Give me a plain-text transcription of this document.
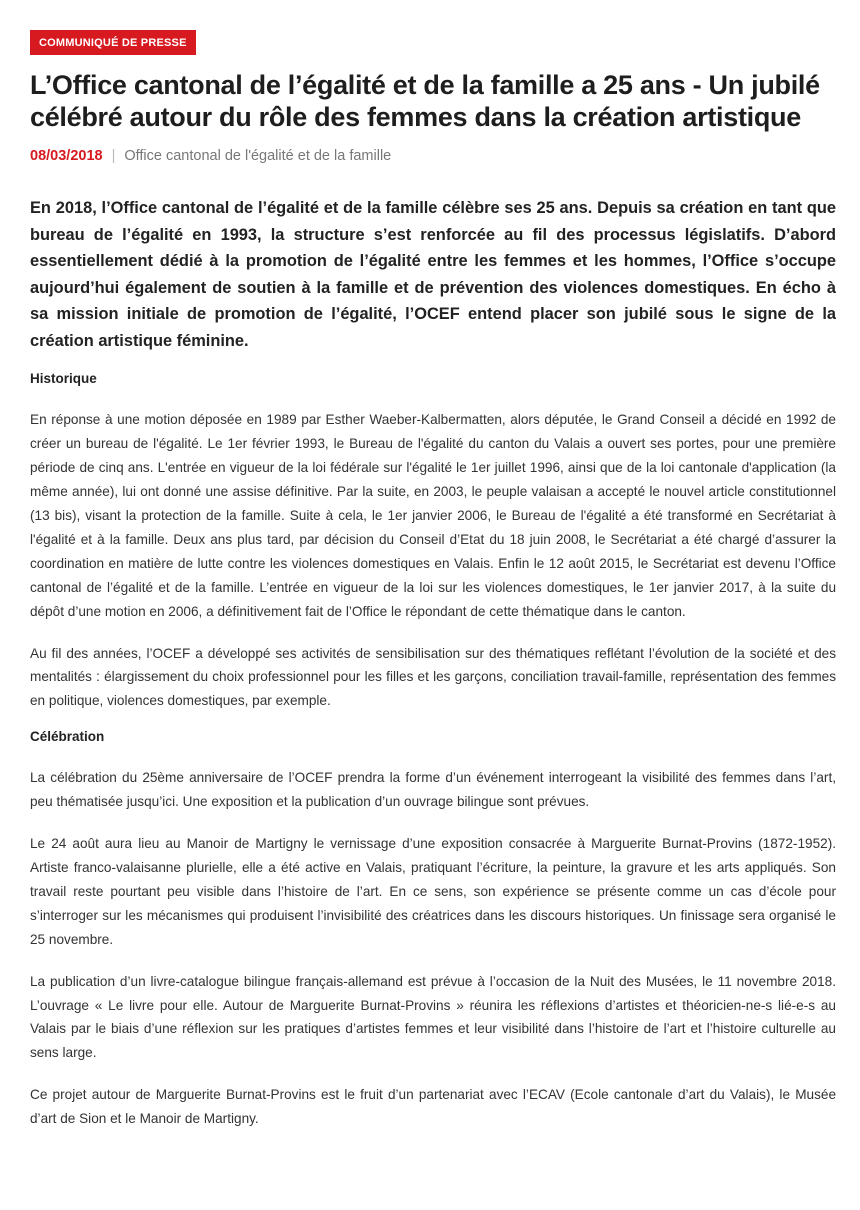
COMMUNIQUÉ DE PRESSE
L’Office cantonal de l’égalité et de la famille a 25 ans - Un jubilé célébré autour du rôle des femmes dans la création artistique
08/03/2018 | Office cantonal de l'égalité et de la famille

En 2018, l’Office cantonal de l’égalité et de la famille célèbre ses 25 ans. Depuis sa création en tant que bureau de l’égalité en 1993, la structure s’est renforcée au fil des processus législatifs. D’abord essentiellement dédié à la promotion de l’égalité entre les femmes et les hommes, l’Office s’occupe aujourd’hui également de soutien à la famille et de prévention des violences domestiques. En écho à sa mission initiale de promotion de l’égalité, l’OCEF entend placer son jubilé sous le signe de la création artistique féminine.

Historique

En réponse à une motion déposée en 1989 par Esther Waeber-Kalbermatten, alors députée, le Grand Conseil a décidé en 1992 de créer un bureau de l'égalité. Le 1er février 1993, le Bureau de l'égalité du canton du Valais a ouvert ses portes, pour une première période de cinq ans. L'entrée en vigueur de la loi fédérale sur l'égalité le 1er juillet 1996, ainsi que de la loi cantonale d'application (la même année), lui ont donné une assise définitive. Par la suite, en 2003, le peuple valaisan a accepté le nouvel article constitutionnel (13 bis), visant la protection de la famille. Suite à cela, le 1er janvier 2006, le Bureau de l'égalité a été transformé en Secrétariat à l'égalité et à la famille. Deux ans plus tard, par décision du Conseil d’Etat du 18 juin 2008, le Secrétariat a été chargé d’assurer la coordination en matière de lutte contre les violences domestiques en Valais. Enfin le 12 août 2015, le Secrétariat est devenu l’Office cantonal de l’égalité et de la famille. L’entrée en vigueur de la loi sur les violences domestiques, le 1er janvier 2017, à la suite du dépôt d’une motion en 2006, a définitivement fait de l’Office le répondant de cette thématique dans le canton.

Au fil des années, l’OCEF a développé ses activités de sensibilisation sur des thématiques reflétant l’évolution de la société et des mentalités : élargissement du choix professionnel pour les filles et les garçons, conciliation travail-famille, représentation des femmes en politique, violences domestiques, par exemple.

Célébration

La célébration du 25ème anniversaire de l’OCEF prendra la forme d’un événement interrogeant la visibilité des femmes dans l’art, peu thématisée jusqu’ici. Une exposition et la publication d’un ouvrage bilingue sont prévues.

Le 24 août aura lieu au Manoir de Martigny le vernissage d’une exposition consacrée à Marguerite Burnat-Provins (1872-1952). Artiste franco-valaisanne plurielle, elle a été active en Valais, pratiquant l’écriture, la peinture, la gravure et les arts appliqués. Son travail reste pourtant peu visible dans l’histoire de l’art. En ce sens, son expérience se présente comme un cas d’école pour s’interroger sur les mécanismes qui produisent l’invisibilité des créatrices dans les discours historiques. Un finissage sera organisé le 25 novembre.

La publication d’un livre-catalogue bilingue français-allemand est prévue à l’occasion de la Nuit des Musées, le 11 novembre 2018. L’ouvrage « Le livre pour elle. Autour de Marguerite Burnat-Provins » réunira les réflexions d’artistes et théoricien-ne-s lié-e-s au Valais par le biais d’une réflexion sur les pratiques d’artistes femmes et leur visibilité dans l’histoire de l’art et l’histoire culturelle au sens large.

Ce projet autour de Marguerite Burnat-Provins est le fruit d’un partenariat avec l’ECAV (Ecole cantonale d’art du Valais), le Musée d’art de Sion et le Manoir de Martigny.
